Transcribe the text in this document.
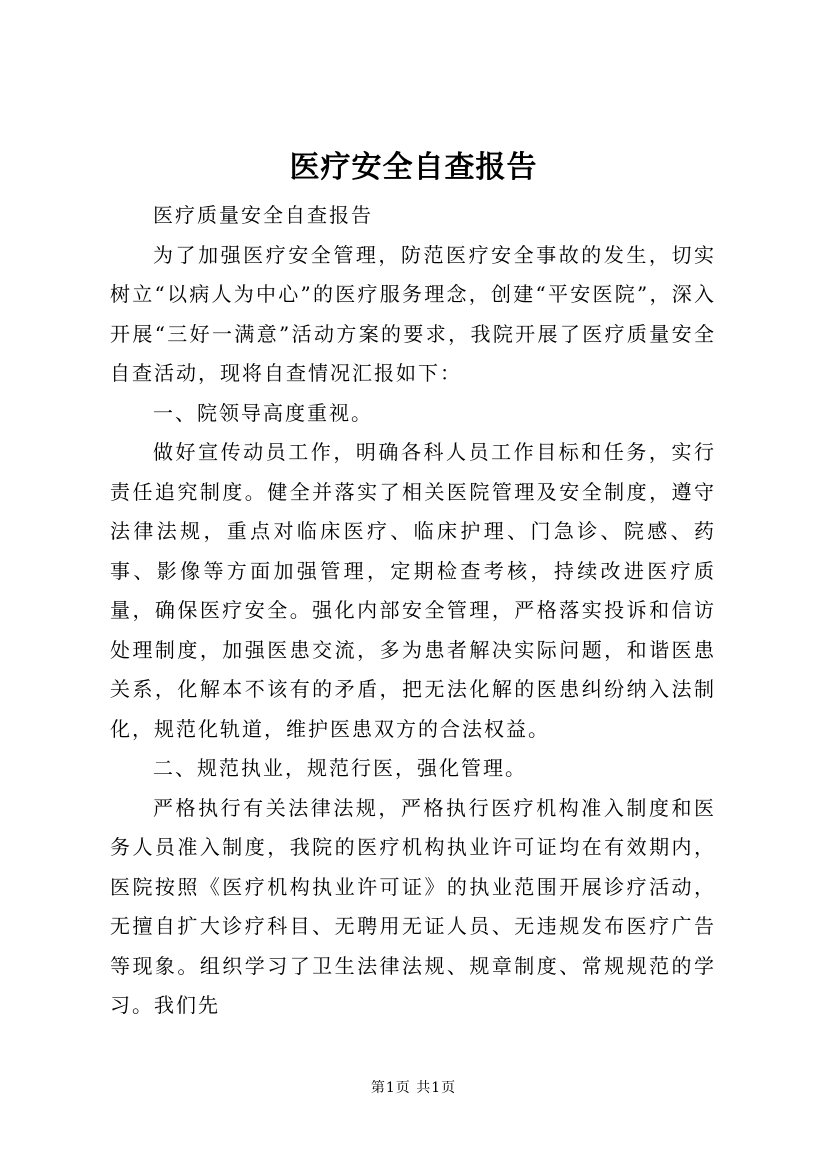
医疗安全自查报告

医疗质量安全自查报告

为了加强医疗安全管理，防范医疗安全事故的发生，切实树立“以病人为中心”的医疗服务理念，创建“平安医院”，深入开展“三好一满意”活动方案的要求，我院开展了医疗质量安全自查活动，现将自查情况汇报如下：

一、院领导高度重视。

做好宣传动员工作，明确各科人员工作目标和任务，实行责任追究制度。健全并落实了相关医院管理及安全制度，遵守法律法规，重点对临床医疗、临床护理、门急诊、院感、药事、影像等方面加强管理，定期检查考核，持续改进医疗质量，确保医疗安全。强化内部安全管理，严格落实投诉和信访处理制度，加强医患交流，多为患者解决实际问题，和谐医患关系，化解本不该有的矛盾，把无法化解的医患纠纷纳入法制化，规范化轨道，维护医患双方的合法权益。

二、规范执业，规范行医，强化管理。

严格执行有关法律法规，严格执行医疗机构准入制度和医务人员准入制度，我院的医疗机构执业许可证均在有效期内，医院按照《医疗机构执业许可证》的执业范围开展诊疗活动，无擅自扩大诊疗科目、无聘用无证人员、无违规发布医疗广告等现象。组织学习了卫生法律法规、规章制度、常规规范的学习。我们先

第1页 共1页
